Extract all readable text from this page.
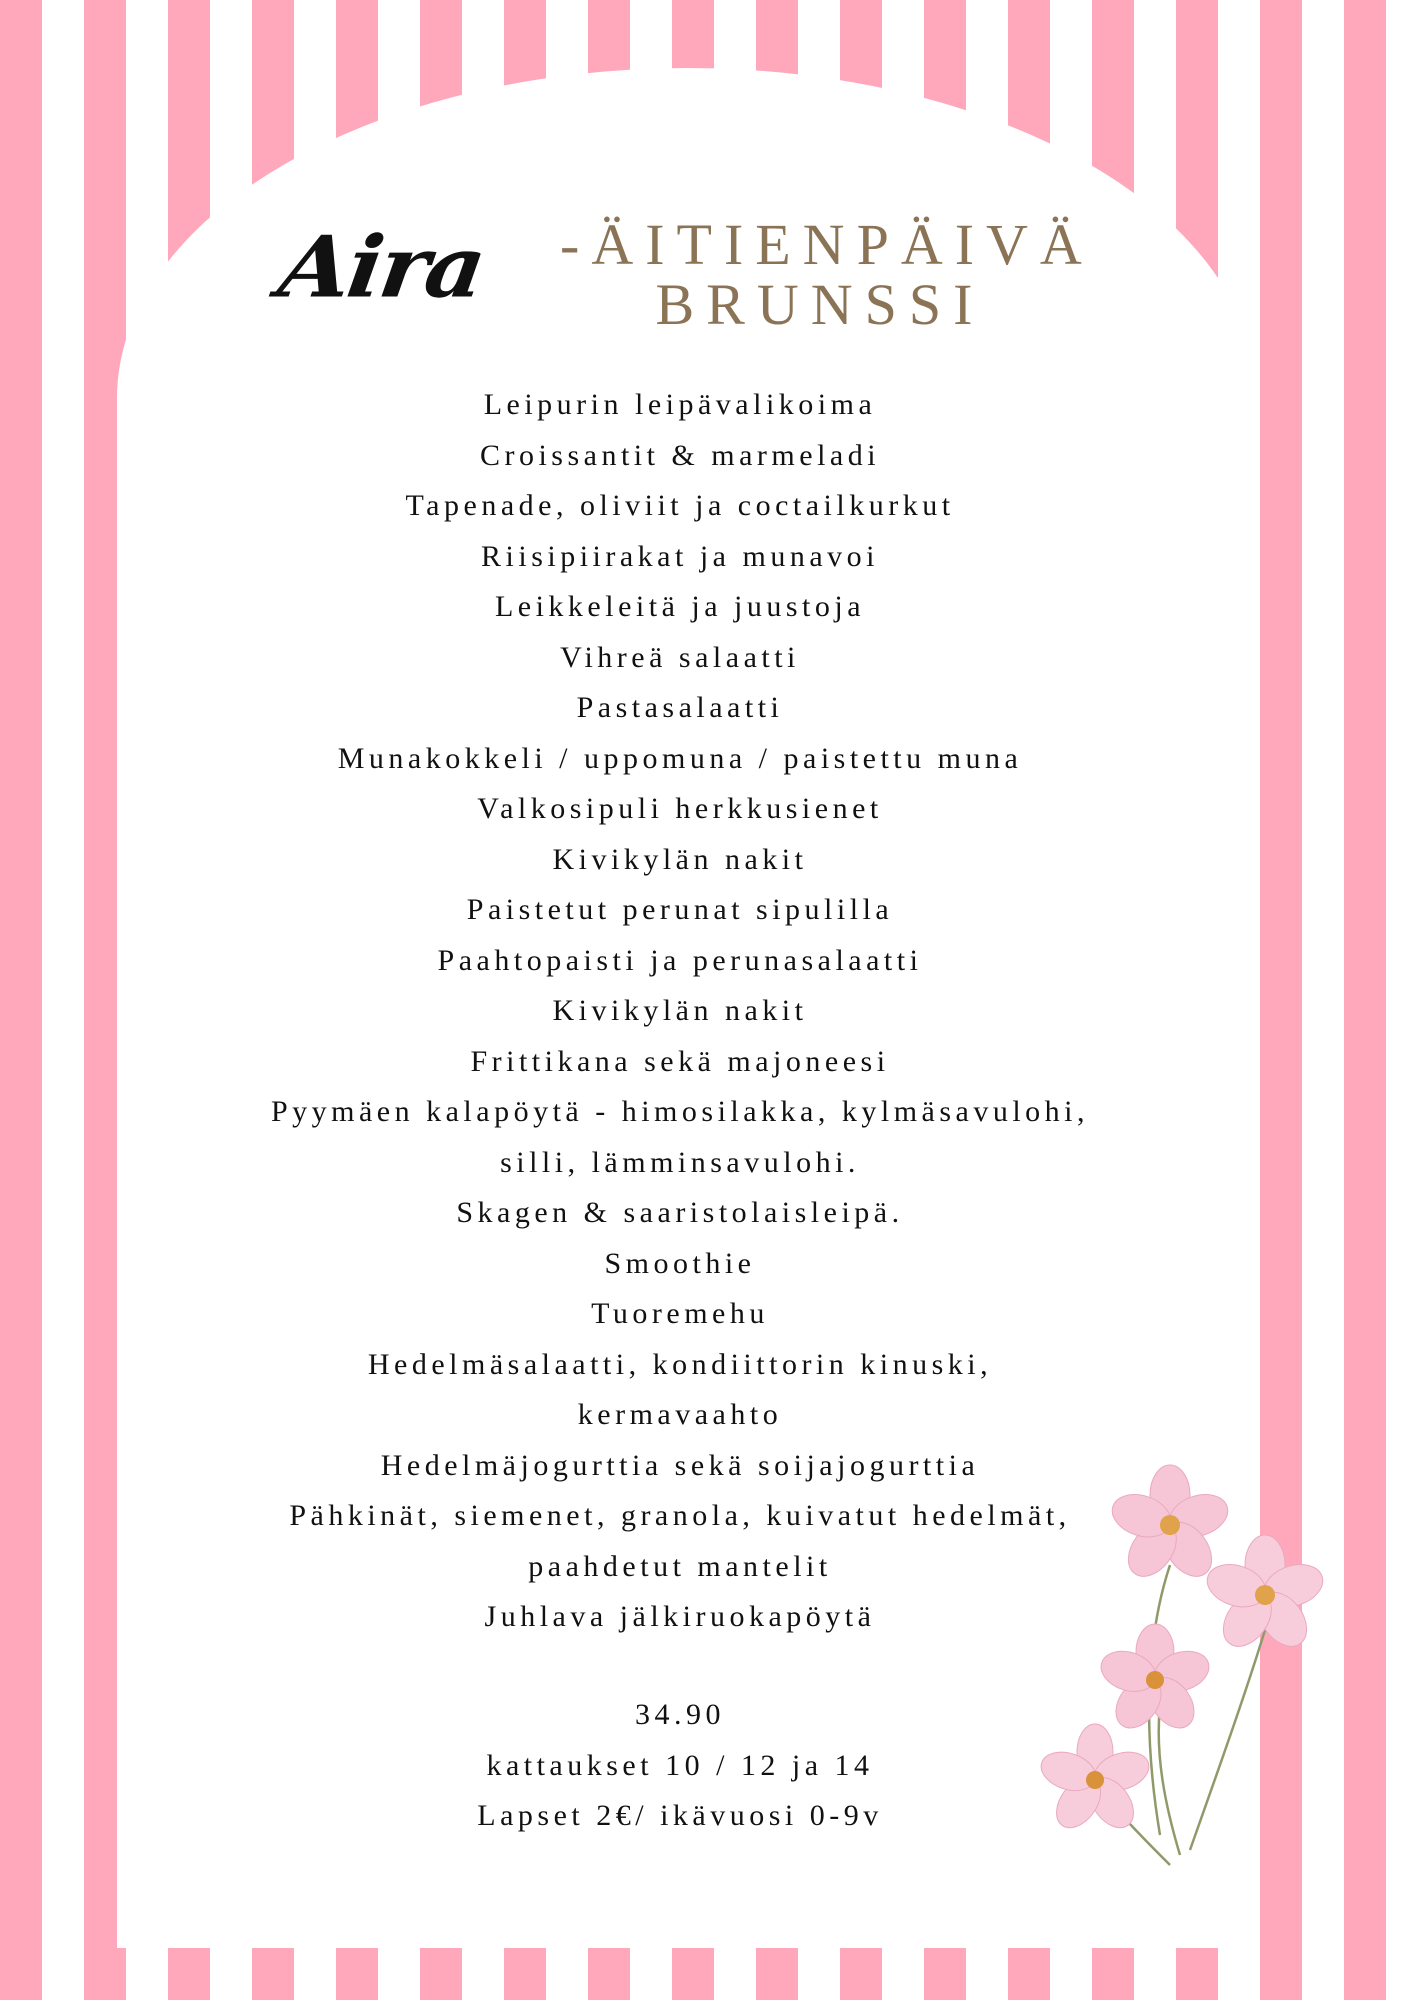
Aira -ÄITIENPÄIVÄ
BRUNSSI
Leipurin leipävalikoima
Croissantit & marmeladi
Tapenade, oliviit ja coctailkurkut
Riisipiirakat ja munavoi
Leikkeleitä ja juustoja
Vihreä salaatti
Pastasalaatti
Munakokkeli / uppomuna / paistettu muna
Valkosipuli herkkusienet
Kivikylän nakit
Paistetut perunat sipulilla
Paahtopaisti ja perunasalaatti
Kivikylän nakit
Frittikana sekä majoneesi
Pyymäen kalapöytä - himosilakka, kylmäsavulohi,
silli, lämminsavulohi.
Skagen & saaristolaisleipä.
Smoothie
Tuoremehu
Hedelmäsalaatti, kondiittorin kinuski,
kermavaahto
Hedelmäjogurttia sekä soijajogurttia
Pähkinät, siemenet, granola, kuivatut hedelmät,
paahdetut mantelit
Juhlava jälkiruokapöytä
34.90
kattaukset 10 / 12 ja 14
Lapset 2€/ ikävuosi 0-9v
